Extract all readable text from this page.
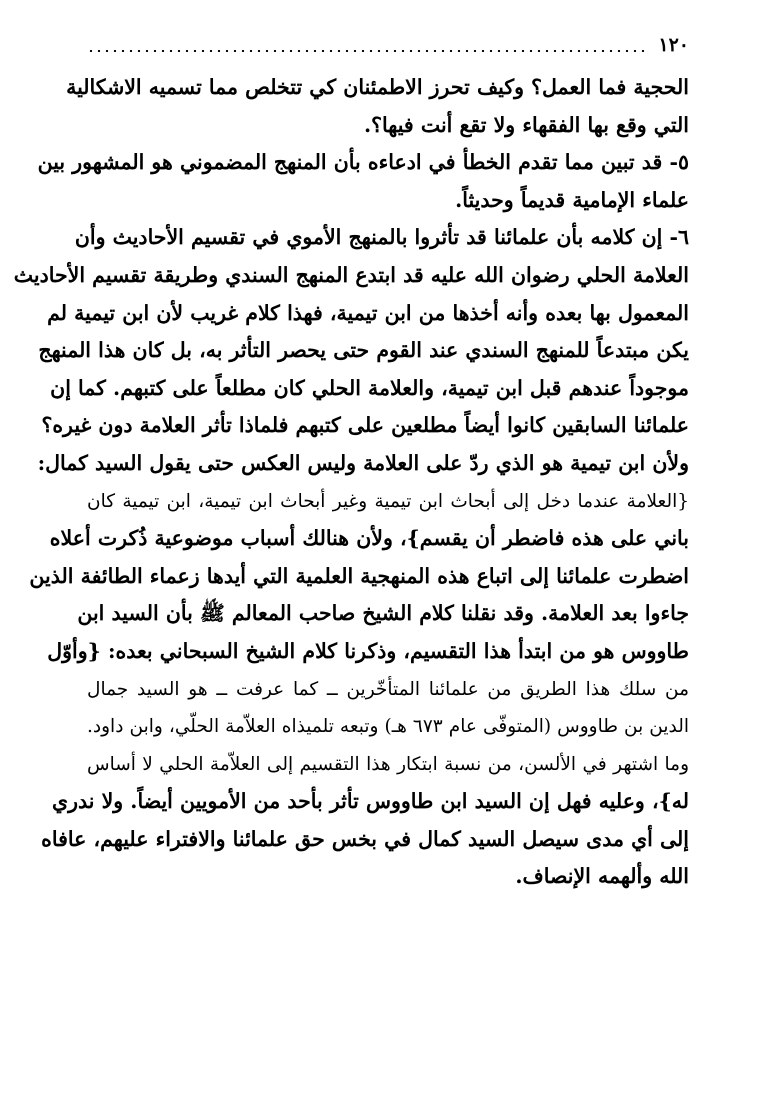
١٢٠
الحجية فما العمل؟ وكيف تحرز الاطمئنان كي تتخلص مما تسميه الاشكالية
التي وقع بها الفقهاء ولا تقع أنت فيها؟.
٥- قد تبين مما تقدم الخطأ في ادعاءه بأن المنهج المضموني هو المشهور بين
علماء الإمامية قديماً وحديثاً.
٦- إن كلامه بأن علمائنا قد تأثروا بالمنهج الأموي في تقسيم الأحاديث وأن
العلامة الحلي رضوان الله عليه قد ابتدع المنهج السندي وطريقة تقسيم الأحاديث
المعمول بها بعده وأنه أخذها من ابن تيمية، فهذا كلام غريب لأن ابن تيمية لم
يكن مبتدعاً للمنهج السندي عند القوم حتى يحصر التأثر به، بل كان هذا المنهج
موجوداً عندهم قبل ابن تيمية، والعلامة الحلي كان مطلعاً على كتبهم. كما إن
علمائنا السابقين كانوا أيضاً مطلعين على كتبهم فلماذا تأثر العلامة دون غيره؟
ولأن ابن تيمية هو الذي ردّ على العلامة وليس العكس حتى يقول السيد كمال:
{العلامة عندما دخل إلى أبحاث ابن تيمية وغير أبحاث ابن تيمية، ابن تيمية كان
باني على هذه فاضطر أن يقسم}، ولأن هنالك أسباب موضوعية ذُكرت أعلاه
اضطرت علمائنا إلى اتباع هذه المنهجية العلمية التي أيدها زعماء الطائفة الذين
جاءوا بعد العلامة. وقد نقلنا كلام الشيخ صاحب المعالم ﷺ بأن السيد ابن
طاووس هو من ابتدأ هذا التقسيم، وذكرنا كلام الشيخ السبحاني بعده: {وأوّل
من سلك هذا الطريق من علمائنا المتأخّرين ــ كما عرفت ــ هو السيد جمال
الدين بن طاووس (المتوفّى عام ٦٧٣ هـ) وتبعه تلميذاه العلاّمة الحلّي، وابن داود.
وما اشتهر في الألسن، من نسبة ابتكار هذا التقسيم إلى العلاّمة الحلي لا أساس
له}، وعليه فهل إن السيد ابن طاووس تأثر بأحد من الأمويين أيضاً. ولا ندري
إلى أي مدى سيصل السيد كمال في بخس حق علمائنا والافتراء عليهم، عافاه
الله وألهمه الإنصاف.
